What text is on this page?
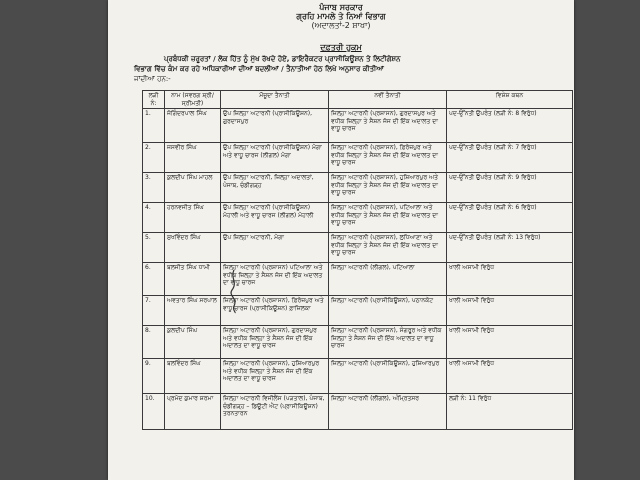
ਪੰਜਾਬ ਸਰਕਾਰ
ਗ੍ਰਹਿ ਮਾਮਲੇ ਤੇ ਨਿਆਂ ਵਿਭਾਗ
(ਅਦਾਲਤਾਂ-2 ਸ਼ਾਖਾ)
ਦਫ਼ਤਰੀ ਹੁਕਮ
ਪ੍ਰਬੰਧਕੀ ਜ਼ਰੂਰਤਾਂ / ਲੋਕ ਹਿੱਤ ਨੂੰ ਮੁੱਖ ਰੱਖਦੇ ਹੋਏ, ਡਾਇਰੈਕਟਰ ਪ੍ਰਾਸੀਕਿਊਸ਼ਨ ਤੇ ਲਿਟੀਗੇਸ਼ਨ
ਵਿਭਾਗ ਵਿੱਚ ਕੰਮ ਕਰ ਰਹੇ ਅਧਿਕਾਰੀਆਂ ਦੀਆਂ ਬਦਲੀਆਂ / ਤੈਨਾਤੀਆਂ ਹੇਠ ਲਿਖੇ ਅਨੁਸਾਰ ਕੀਤੀਆਂ
ਜਾਂਦੀਆਂ ਹਨ:-
ਲੜੀ ਨੰ:	ਨਾਮ (ਸਵਰਗ ਸ਼੍ਰੀ/ਸ੍ਰੀਮਤੀ)	ਮੌਜੂਦਾ ਤੈਨਾਤੀ	ਨਵੀਂ ਤੈਨਾਤੀ	ਵਿਸ਼ੇਸ਼ ਕਥਨ
1.	ਜੋਗਿੰਦਰਪਾਲ ਸਿੰਘ	ਉਪ ਜ਼ਿਲ੍ਹਾ ਅਟਾਰਨੀ (ਪ੍ਰਾਸੀਕਿਊਸ਼ਨ), ਗੁਰਦਾਸਪੁਰ	ਜ਼ਿਲ੍ਹਾ ਅਟਾਰਨੀ (ਪ੍ਰਸ਼ਾਸਨ), ਗੁਰਦਾਸਪੁਰ ਅਤੇ ਵਧੀਕ ਜ਼ਿਲ੍ਹਾ ਤੇ ਸੈਸ਼ਨ ਜੱਜ ਦੀ ਇੱਕ ਅਦਾਲਤ ਦਾ ਵਾਧੂ ਚਾਰਜ	ਪਦ-ਉੱਨਤੀ ਉਪਰੰਤ (ਲੜੀ ਨੰ: 8 ਵਿਰੁੱਧ)
2.	ਜਸਵੀਰ ਸਿੰਘ	ਉਪ ਜ਼ਿਲ੍ਹਾ ਅਟਾਰਨੀ (ਪ੍ਰਾਸੀਕਿਊਸ਼ਨ) ਮੋਗਾ ਅਤੇ ਵਾਧੂ ਚਾਰਜ (ਲੀਗਲ) ਮੋਗਾ	ਜ਼ਿਲ੍ਹਾ ਅਟਾਰਨੀ (ਪ੍ਰਸ਼ਾਸਨ), ਫ਼ਿਰੋਜ਼ਪੁਰ ਅਤੇ ਵਧੀਕ ਜ਼ਿਲ੍ਹਾ ਤੇ ਸੈਸ਼ਨ ਜੱਜ ਦੀ ਇੱਕ ਅਦਾਲਤ ਦਾ ਵਾਧੂ ਚਾਰਜ	ਪਦ-ਉੱਨਤੀ ਉਪਰੰਤ (ਲੜੀ ਨੰ: 7 ਵਿਰੁੱਧ)
3.	ਕੁਲਦੀਪ ਸਿੰਘ ਮਾਹਲ	ਉਪ ਜ਼ਿਲ੍ਹਾ ਅਟਾਰਨੀ, ਜ਼ਿਲ੍ਹਾ ਅਦਾਲਤਾਂ, ਪੰਜਾਬ, ਚੰਡੀਗੜ੍ਹ	ਜ਼ਿਲ੍ਹਾ ਅਟਾਰਨੀ (ਪ੍ਰਸ਼ਾਸਨ), ਹੁਸ਼ਿਆਰਪੁਰ ਅਤੇ ਵਧੀਕ ਜ਼ਿਲ੍ਹਾ ਤੇ ਸੈਸ਼ਨ ਜੱਜ ਦੀ ਇੱਕ ਅਦਾਲਤ ਦਾ ਵਾਧੂ ਚਾਰਜ	ਪਦ-ਉੱਨਤੀ ਉਪਰੰਤ (ਲੜੀ ਨੰ: 9 ਵਿਰੁੱਧ)
4.	ਹਰਨਵਜੀਤ ਸਿੰਘ	ਉਪ ਜ਼ਿਲ੍ਹਾ ਅਟਾਰਨੀ (ਪ੍ਰਾਸੀਕਿਊਸ਼ਨ) ਮੋਹਾਲੀ ਅਤੇ ਵਾਧੂ ਚਾਰਜ (ਲੀਗਲ) ਮੋਹਾਲੀ	ਜ਼ਿਲ੍ਹਾ ਅਟਾਰਨੀ (ਪ੍ਰਸ਼ਾਸਨ), ਪਟਿਆਲਾ ਅਤੇ ਵਧੀਕ ਜ਼ਿਲ੍ਹਾ ਤੇ ਸੈਸ਼ਨ ਜੱਜ ਦੀ ਇੱਕ ਅਦਾਲਤ ਦਾ ਵਾਧੂ ਚਾਰਜ	ਪਦ-ਉੱਨਤੀ ਉਪਰੰਤ (ਲੜੀ ਨੰ: 6 ਵਿਰੁੱਧ)
5.	ਸੁਖਵਿੰਦਰ ਸਿੰਘ	ਉਪ ਜ਼ਿਲ੍ਹਾ ਅਟਾਰਨੀ, ਮੋਗਾ	ਜ਼ਿਲ੍ਹਾ ਅਟਾਰਨੀ (ਪ੍ਰਸ਼ਾਸਨ), ਲੁਧਿਆਣਾ ਅਤੇ ਵਧੀਕ ਜ਼ਿਲ੍ਹਾ ਤੇ ਸੈਸ਼ਨ ਜੱਜ ਦੀ ਇੱਕ ਅਦਾਲਤ ਦਾ ਵਾਧੂ ਚਾਰਜ	ਪਦ-ਉੱਨਤੀ ਉਪਰੰਤ (ਲੜੀ ਨੰ: 13 ਵਿਰੁੱਧ)
6.	ਬਲਜੀਤ ਸਿੰਘ ਧਾਮੀ	ਜ਼ਿਲ੍ਹਾ ਅਟਾਰਨੀ (ਪ੍ਰਸ਼ਾਸਨ) ਪਟਿਆਲਾ ਅਤੇ ਵਧੀਕ ਜ਼ਿਲ੍ਹਾ ਤੇ ਸੈਸ਼ਨ ਜੱਜ ਦੀ ਇੱਕ ਅਦਾਲਤ ਦਾ ਵਾਧੂ ਚਾਰਜ	ਜ਼ਿਲ੍ਹਾ ਅਟਾਰਨੀ (ਲੀਗਲ), ਪਟਿਆਲਾ	ਖਾਲੀ ਅਸਾਮੀ ਵਿਰੁੱਧ
7.	ਅਵਤਾਰ ਸਿੰਘ ਸਰਪਾਲ	ਜ਼ਿਲ੍ਹਾ ਅਟਾਰਨੀ (ਪ੍ਰਸ਼ਾਸਨ), ਫ਼ਿਰੋਜ਼ਪੁਰ ਅਤੇ ਵਾਧੂ ਚਾਰਜ (ਪ੍ਰਾਸੀਕਿਊਸ਼ਨ) ਫ਼ਾਜ਼ਿਲਕਾ	ਜ਼ਿਲ੍ਹਾ ਅਟਾਰਨੀ (ਪ੍ਰਾਸੀਕਿਊਸ਼ਨ), ਪਠਾਨਕੋਟ	ਖਾਲੀ ਅਸਾਮੀ ਵਿਰੁੱਧ
8.	ਕੁਲਦੀਪ ਸਿੰਘ	ਜ਼ਿਲ੍ਹਾ ਅਟਾਰਨੀ (ਪ੍ਰਸ਼ਾਸਨ), ਗੁਰਦਾਸਪੁਰ ਅਤੇ ਵਧੀਕ ਜ਼ਿਲ੍ਹਾ ਤੇ ਸੈਸ਼ਨ ਜੱਜ ਦੀ ਇੱਕ ਅਦਾਲਤ ਦਾ ਵਾਧੂ ਚਾਰਜ	ਜ਼ਿਲ੍ਹਾ ਅਟਾਰਨੀ (ਪ੍ਰਸ਼ਾਸਨ), ਸੰਗਰੂਰ ਅਤੇ ਵਧੀਕ ਜ਼ਿਲ੍ਹਾ ਤੇ ਸੈਸ਼ਨ ਜੱਜ ਦੀ ਇੱਕ ਅਦਾਲਤ ਦਾ ਵਾਧੂ ਚਾਰਜ	ਖਾਲੀ ਅਸਾਮੀ ਵਿਰੁੱਧ
9.	ਬਲਵਿੰਦਰ ਸਿੰਘ	ਜ਼ਿਲ੍ਹਾ ਅਟਾਰਨੀ (ਪ੍ਰਸ਼ਾਸਨ), ਹੁਸ਼ਿਆਰਪੁਰ ਅਤੇ ਵਧੀਕ ਜ਼ਿਲ੍ਹਾ ਤੇ ਸੈਸ਼ਨ ਜੱਜ ਦੀ ਇੱਕ ਅਦਾਲਤ ਦਾ ਵਾਧੂ ਚਾਰਜ	ਜ਼ਿਲ੍ਹਾ ਅਟਾਰਨੀ (ਪ੍ਰਾਸੀਕਿਊਸ਼ਨ), ਹੁਸ਼ਿਆਰਪੁਰ	ਖਾਲੀ ਅਸਾਮੀ ਵਿਰੁੱਧ
10.	ਪ੍ਰਮੋਦ ਕੁਮਾਰ ਸ਼ਰਮਾ	ਜ਼ਿਲ੍ਹਾ ਅਟਾਰਨੀ ਵਿਜੀਲੈਂਸ (ਪੜਤਾਲ), ਪੰਜਾਬ, ਚੰਡੀਗੜ੍ਹ – ਡਿਊਟੀ ਐਟ (ਪ੍ਰਾਸੀਕਿਊਸ਼ਨ) ਤਰਨਤਾਰਨ	ਜ਼ਿਲ੍ਹਾ ਅਟਾਰਨੀ (ਲੀਗਲ), ਅੰਮ੍ਰਿਤਸਰ	ਲੜੀ ਨੰ: 11 ਵਿਰੁੱਧ
